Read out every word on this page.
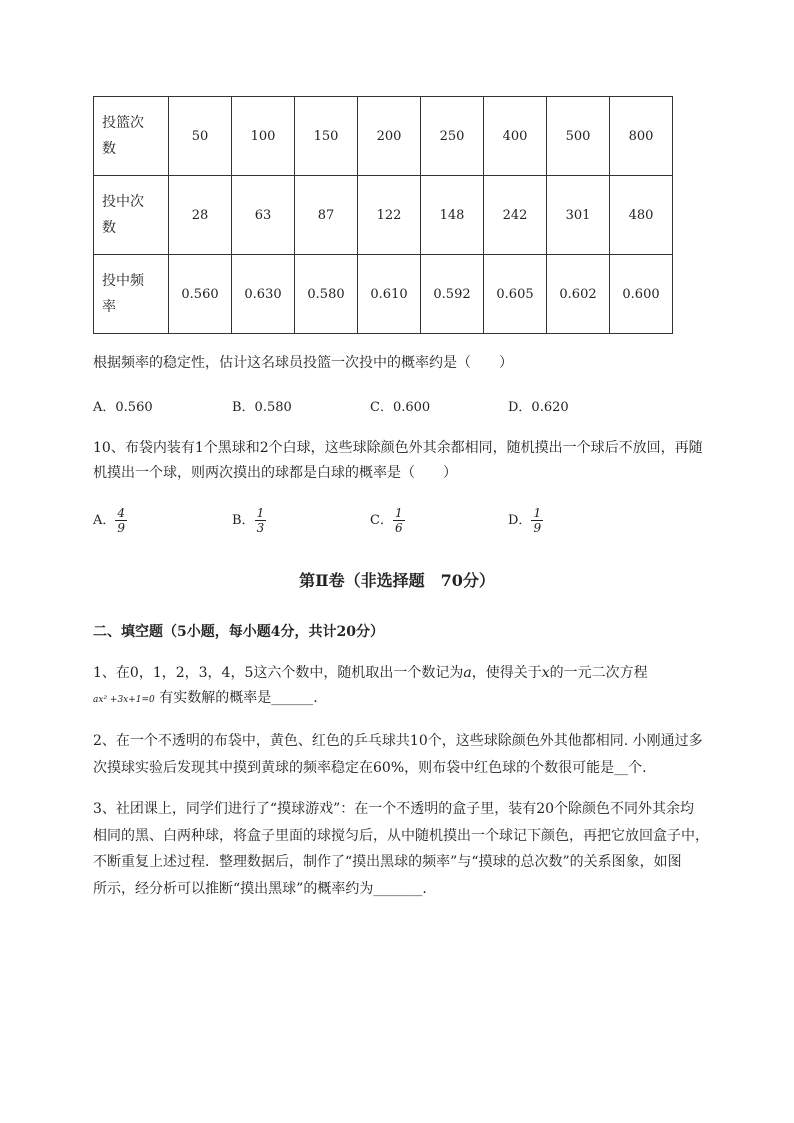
投篮次
数	50	100	150	200	250	400	500	800
投中次
数	28	63	87	122	148	242	301	480
投中频
率	0.560	0.630	0.580	0.610	0.592	0.605	0.602	0.600
根据频率的稳定性，估计这名球员投篮一次投中的概率约是（　　）
A．0.560	B．0.580	C．0.600	D．0.620
10、布袋内装有1个黑球和2个白球，这些球除颜色外其余都相同，随机摸出一个球后不放回，再随
机摸出一个球，则两次摸出的球都是白球的概率是（　　）
A． $\frac{4}{9}$	B． $\frac{1}{3}$	C． $\frac{1}{6}$	D． $\frac{1}{9}$
第Ⅱ卷（非选择题　70分）
二、填空题（5小题，每小题4分，共计20分）
1、在0，1，2，3，4，5这六个数中，随机取出一个数记为a，使得关于x的一元二次方程
ax² +3x+1=0 有实数解的概率是______.
2、在一个不透明的布袋中，黄色、红色的乒乓球共10个，这些球除颜色外其他都相同. 小刚通过多
次摸球实验后发现其中摸到黄球的频率稳定在60%，则布袋中红色球的个数很可能是__个.
3、社团课上，同学们进行了“摸球游戏”：在一个不透明的盒子里，装有20个除颜色不同外其余均
相同的黑、白两种球，将盒子里面的球搅匀后，从中随机摸出一个球记下颜色，再把它放回盒子中，
不断重复上述过程．整理数据后，制作了“摸出黑球的频率”与“摸球的总次数”的关系图象，如图
所示，经分析可以推断“摸出黑球”的概率约为_______.
